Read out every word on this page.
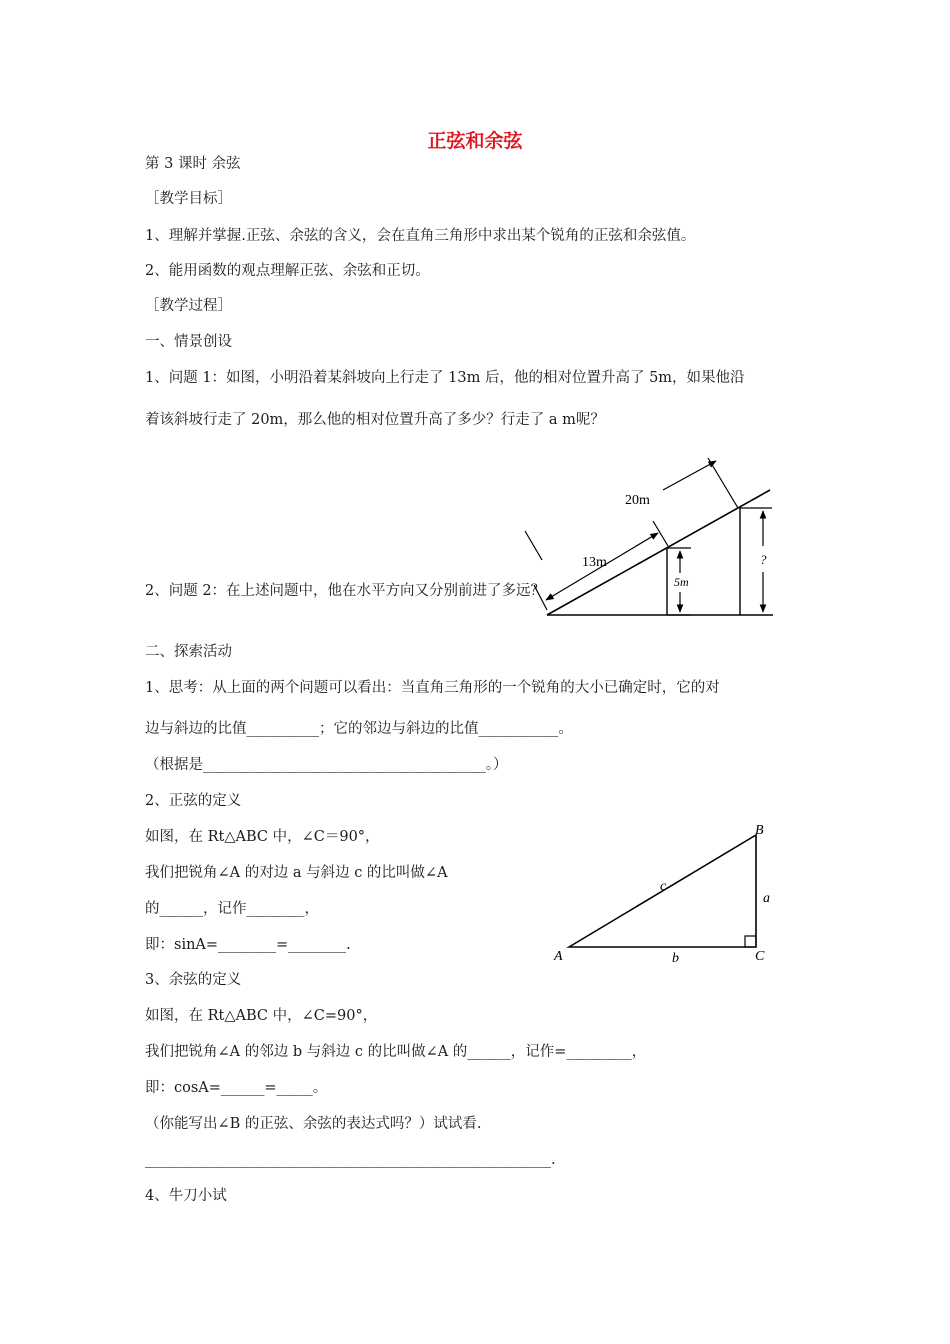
正弦和余弦
第 3 课时 余弦
［教学目标］
1、理解并掌握.正弦、余弦的含义，会在直角三角形中求出某个锐角的正弦和余弦值。
2、能用函数的观点理解正弦、余弦和正切。
［教学过程］
一、情景创设
1、问题 1：如图，小明沿着某斜坡向上行走了 13m 后，他的相对位置升高了 5m，如果他沿
着该斜坡行走了 20m，那么他的相对位置升高了多少？行走了 a m呢？
2、问题 2：在上述问题中，他在水平方向又分别前进了多远？
二、探索活动
1、思考：从上面的两个问题可以看出：当直角三角形的一个锐角的大小已确定时，它的对
边与斜边的比值__________；它的邻边与斜边的比值___________。
（根据是_______________________________________。）
2、正弦的定义
如图，在 Rt△ABC 中，∠C＝90°，
我们把锐角∠A 的对边 a 与斜边 c 的比叫做∠A
的______，记作________，
即：sinA=________=________.
3、余弦的定义
如图，在 Rt△ABC 中，∠C=90°，
我们把锐角∠A 的邻边 b 与斜边 c 的比叫做∠A 的______，记作=_________，
即：cosA=______=_____。
（你能写出∠B 的正弦、余弦的表达式吗？）试试看.
________________________________________________________.
4、牛刀小试
5m
?
13m
20m
A
B
C
a
b
c
